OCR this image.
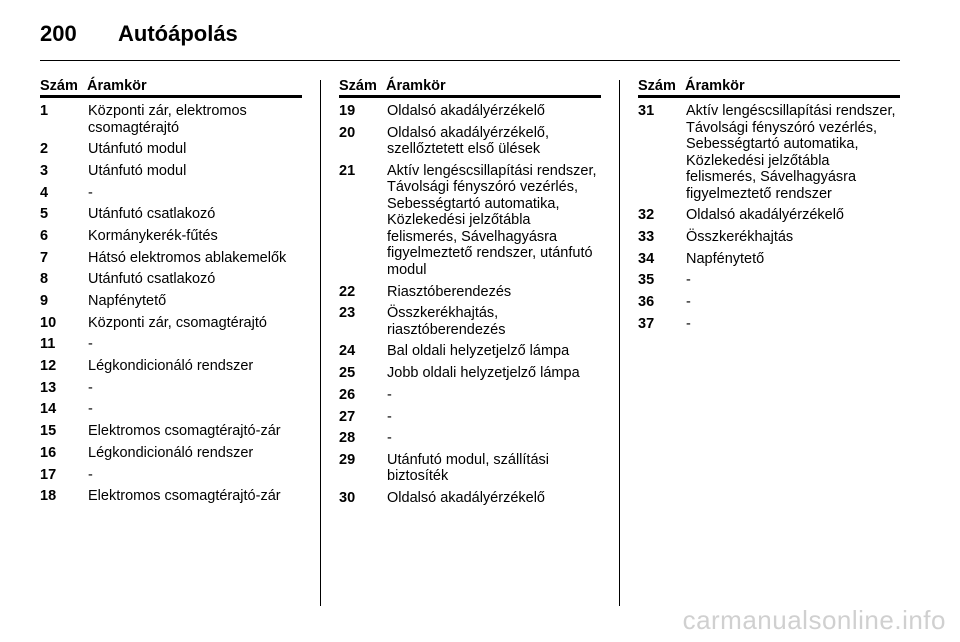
200	Autóápolás
Szám Áramkör
1	Központi zár, elektromos csomagtérajtó
2	Utánfutó modul
3	Utánfutó modul
4	-
5	Utánfutó csatlakozó
6	Kormánykerék-fűtés
7	Hátsó elektromos ablakemelők
8	Utánfutó csatlakozó
9	Napfénytető
10	Központi zár, csomagtérajtó
11	-
12	Légkondicionáló rendszer
13	-
14	-
15	Elektromos csomagtérajtó-zár
16	Légkondicionáló rendszer
17	-
18	Elektromos csomagtérajtó-zár
Szám Áramkör
19	Oldalsó akadályérzékelő
20	Oldalsó akadályérzékelő, szellőztetett első ülések
21	Aktív lengéscsillapítási rendszer, Távolsági fényszóró vezérlés, Sebességtartó automatika, Közlekedési jelzőtábla felismerés, Sávelhagyásra figyelmeztető rendszer, utánfutó modul
22	Riasztóberendezés
23	Összkerékhajtás, riasztóberendezés
24	Bal oldali helyzetjelző lámpa
25	Jobb oldali helyzetjelző lámpa
26	-
27	-
28	-
29	Utánfutó modul, szállítási biztosíték
30	Oldalsó akadályérzékelő
Szám Áramkör
31	Aktív lengéscsillapítási rendszer, Távolsági fényszóró vezérlés, Sebességtartó automatika, Közlekedési jelzőtábla felismerés, Sávelhagyásra figyelmeztető rendszer
32	Oldalsó akadályérzékelő
33	Összkerékhajtás
34	Napfénytető
35	-
36	-
37	-
carmanualsonline.info
